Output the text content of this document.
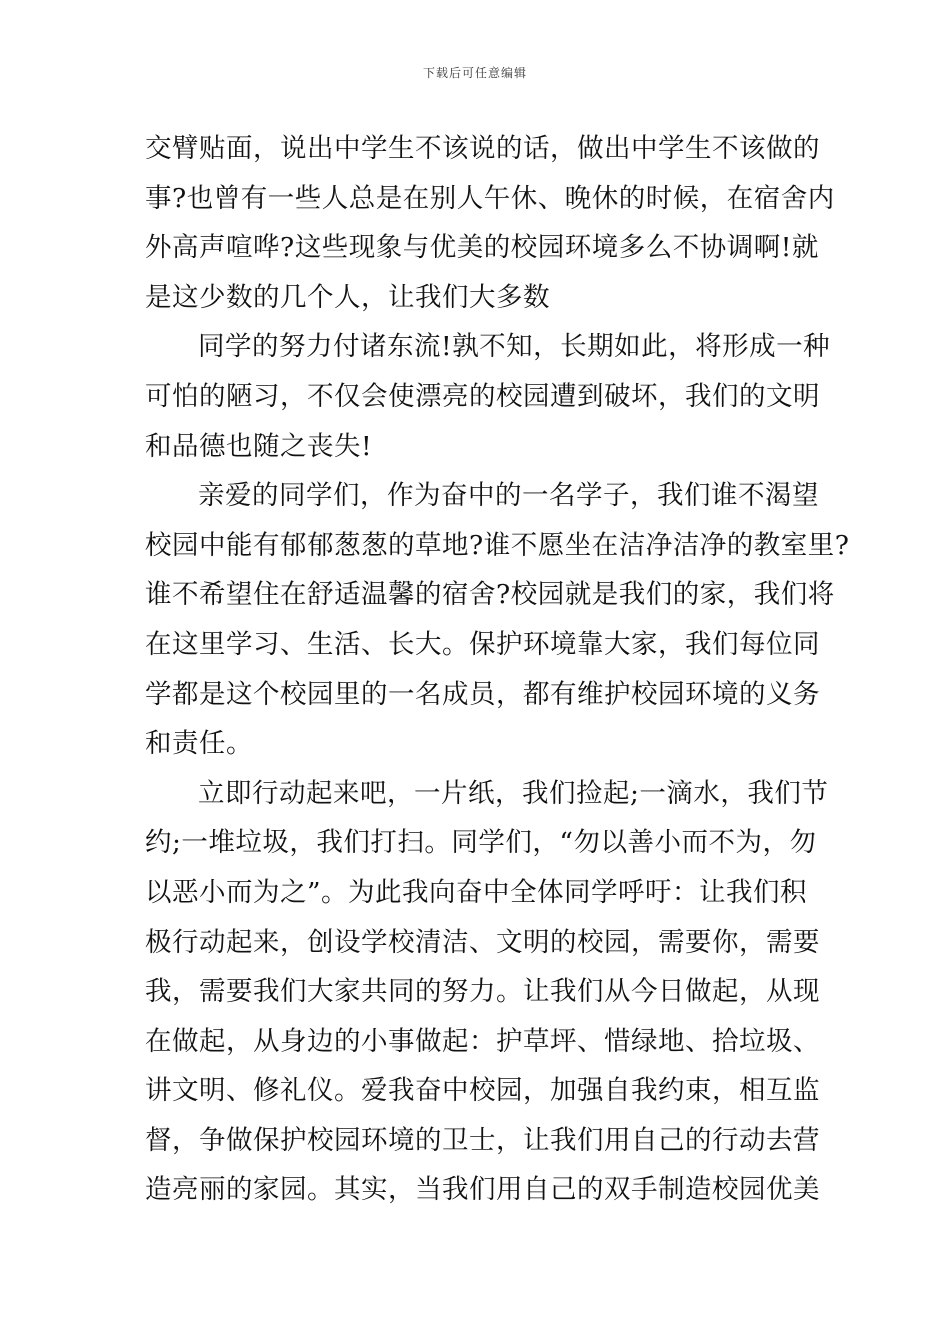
下载后可任意编辑
交臂贴面，说出中学生不该说的话，做出中学生不该做的
事?也曾有一些人总是在别人午休、晚休的时候，在宿舍内
外高声喧哗?这些现象与优美的校园环境多么不协调啊!就
是这少数的几个人，让我们大多数
同学的努力付诸东流!孰不知，长期如此，将形成一种
可怕的陋习，不仅会使漂亮的校园遭到破坏，我们的文明
和品德也随之丧失!
亲爱的同学们，作为奋中的一名学子，我们谁不渴望
校园中能有郁郁葱葱的草地?谁不愿坐在洁净洁净的教室里?
谁不希望住在舒适温馨的宿舍?校园就是我们的家，我们将
在这里学习、生活、长大。保护环境靠大家，我们每位同
学都是这个校园里的一名成员，都有维护校园环境的义务
和责任。
立即行动起来吧，一片纸，我们捡起;一滴水，我们节
约;一堆垃圾，我们打扫。同学们，“勿以善小而不为，勿
以恶小而为之”。为此我向奋中全体同学呼吁：让我们积
极行动起来，创设学校清洁、文明的校园，需要你，需要
我，需要我们大家共同的努力。让我们从今日做起，从现
在做起，从身边的小事做起：护草坪、惜绿地、拾垃圾、
讲文明、修礼仪。爱我奋中校园，加强自我约束，相互监
督，争做保护校园环境的卫士，让我们用自己的行动去营
造亮丽的家园。其实，当我们用自己的双手制造校园优美
